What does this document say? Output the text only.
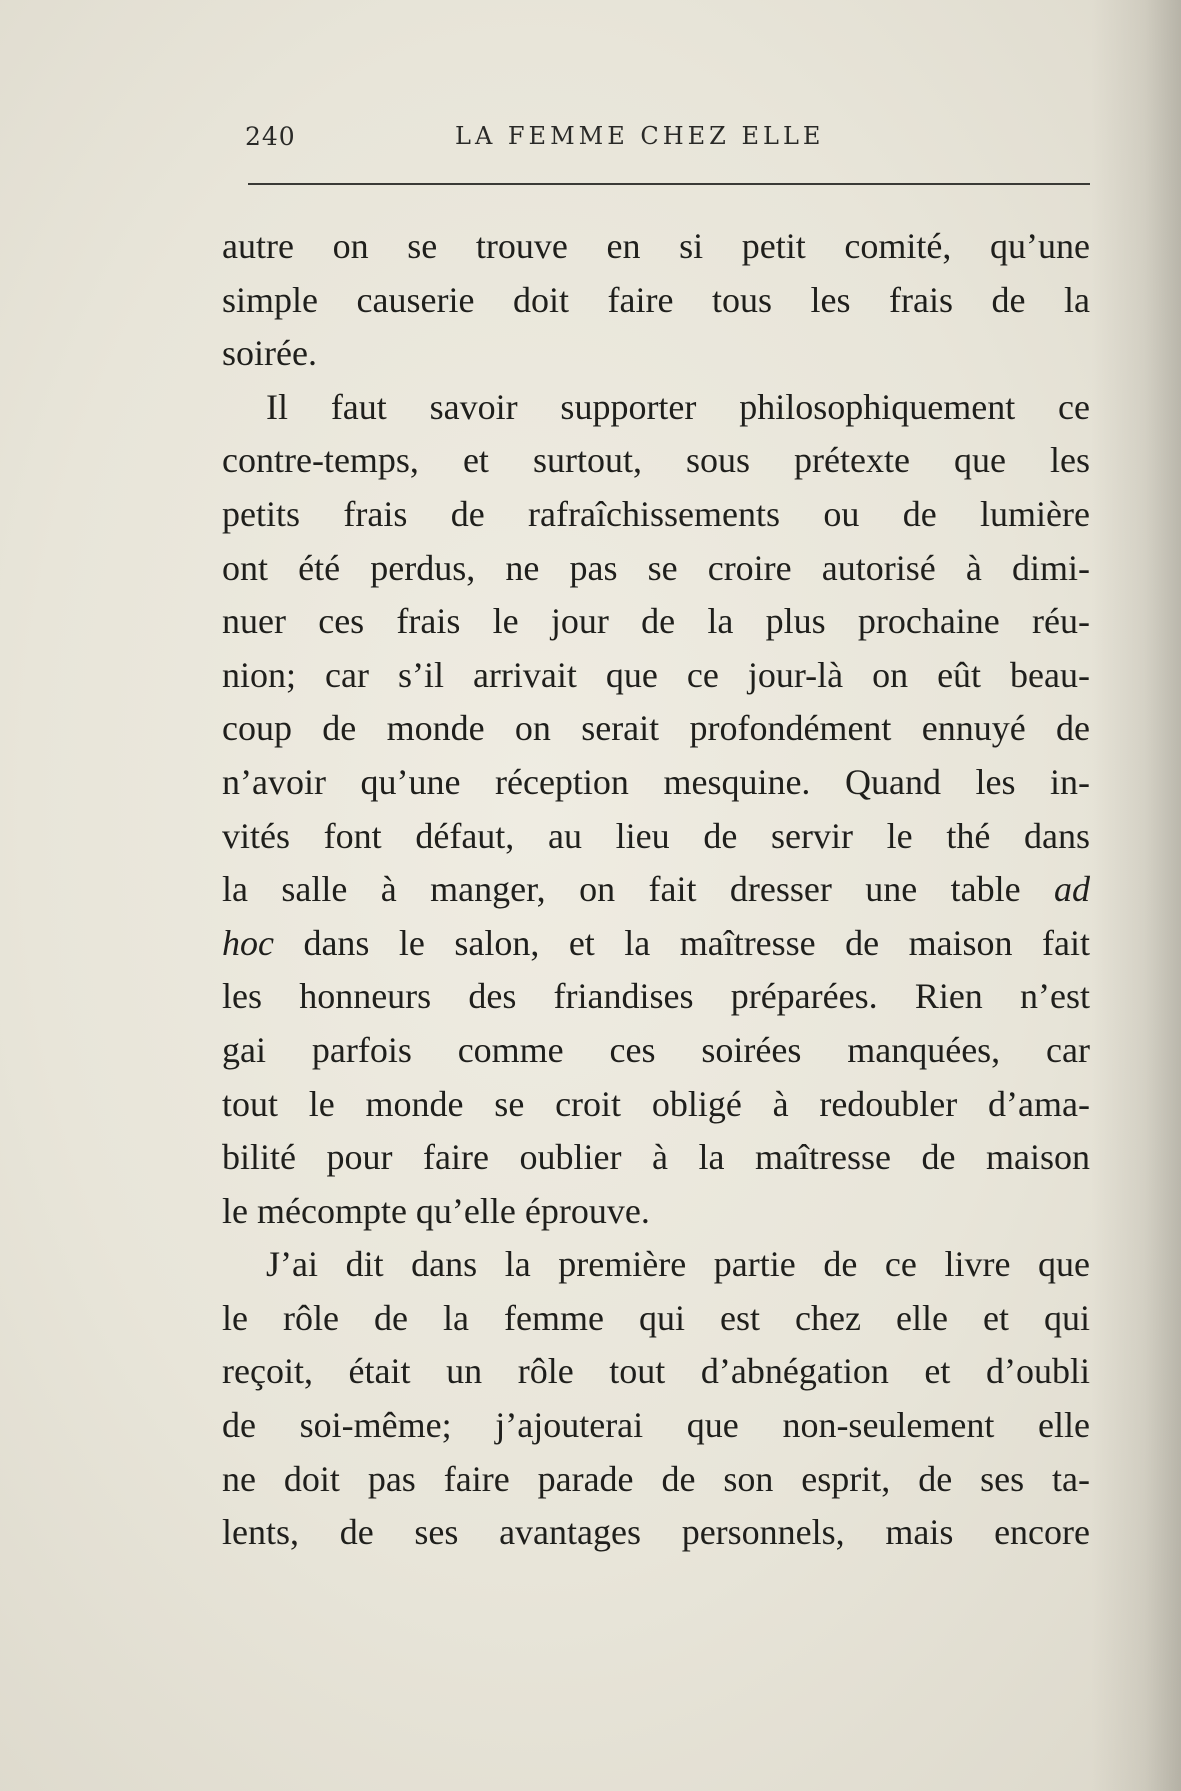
240	LA FEMME CHEZ ELLE
autre on se trouve en si petit comité, qu’une
simple causerie doit faire tous les frais de la
soirée.
Il faut savoir supporter philosophiquement ce
contre-temps, et surtout, sous prétexte que les
petits frais de rafraîchissements ou de lumière
ont été perdus, ne pas se croire autorisé à dimi-
nuer ces frais le jour de la plus prochaine réu-
nion; car s’il arrivait que ce jour-là on eût beau-
coup de monde on serait profondément ennuyé de
n’avoir qu’une réception mesquine. Quand les in-
vités font défaut, au lieu de servir le thé dans
la salle à manger, on fait dresser une table ad
hoc dans le salon, et la maîtresse de maison fait
les honneurs des friandises préparées. Rien n’est
gai parfois comme ces soirées manquées, car
tout le monde se croit obligé à redoubler d’ama-
bilité pour faire oublier à la maîtresse de maison
le mécompte qu’elle éprouve.
J’ai dit dans la première partie de ce livre que
le rôle de la femme qui est chez elle et qui
reçoit, était un rôle tout d’abnégation et d’oubli
de soi-même; j’ajouterai que non-seulement elle
ne doit pas faire parade de son esprit, de ses ta-
lents, de ses avantages personnels, mais encore
